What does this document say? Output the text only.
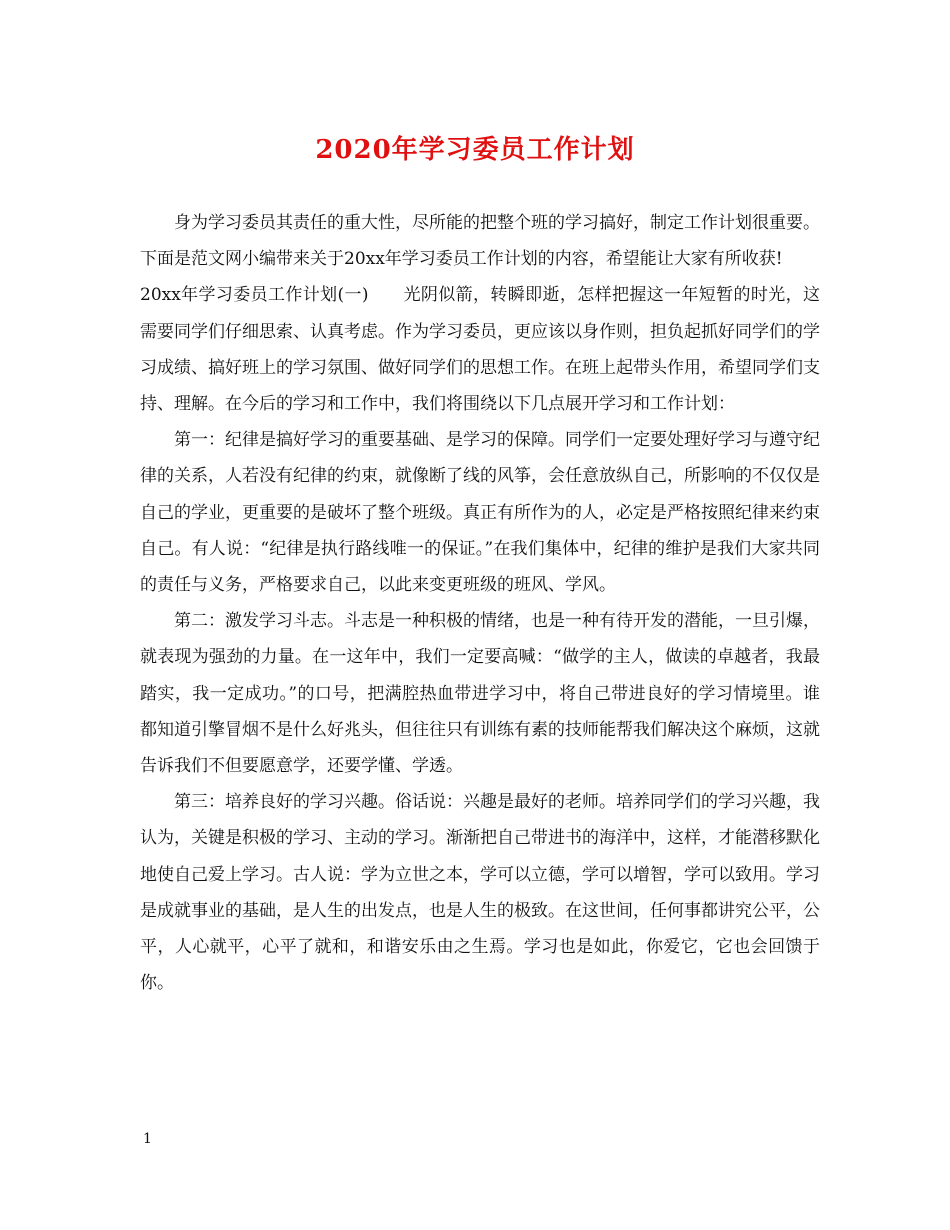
2020年学习委员工作计划

身为学习委员其责任的重大性，尽所能的把整个班的学习搞好，制定工作计划很重要。下面是范文网小编带来关于20xx年学习委员工作计划的内容，希望能让大家有所收获!

20xx年学习委员工作计划(一)　　光阴似箭，转瞬即逝，怎样把握这一年短暂的时光，这需要同学们仔细思索、认真考虑。作为学习委员，更应该以身作则，担负起抓好同学们的学习成绩、搞好班上的学习氛围、做好同学们的思想工作。在班上起带头作用，希望同学们支持、理解。在今后的学习和工作中，我们将围绕以下几点展开学习和工作计划：

第一：纪律是搞好学习的重要基础、是学习的保障。同学们一定要处理好学习与遵守纪律的关系，人若没有纪律的约束，就像断了线的风筝，会任意放纵自己，所影响的不仅仅是自己的学业，更重要的是破坏了整个班级。真正有所作为的人，必定是严格按照纪律来约束自己。有人说：“纪律是执行路线唯一的保证。”在我们集体中，纪律的维护是我们大家共同的责任与义务，严格要求自己，以此来变更班级的班风、学风。

第二：激发学习斗志。斗志是一种积极的情绪，也是一种有待开发的潜能，一旦引爆，就表现为强劲的力量。在一这年中，我们一定要高喊：“做学的主人，做读的卓越者，我最踏实，我一定成功。”的口号，把满腔热血带进学习中，将自己带进良好的学习情境里。谁都知道引擎冒烟不是什么好兆头，但往往只有训练有素的技师能帮我们解决这个麻烦，这就告诉我们不但要愿意学，还要学懂、学透。

第三：培养良好的学习兴趣。俗话说：兴趣是最好的老师。培养同学们的学习兴趣，我认为，关键是积极的学习、主动的学习。渐渐把自己带进书的海洋中，这样，才能潜移默化地使自己爱上学习。古人说：学为立世之本，学可以立德，学可以增智，学可以致用。学习是成就事业的基础，是人生的出发点，也是人生的极致。在这世间，任何事都讲究公平，公平，人心就平，心平了就和，和谐安乐由之生焉。学习也是如此，你爱它，它也会回馈于你。

1
